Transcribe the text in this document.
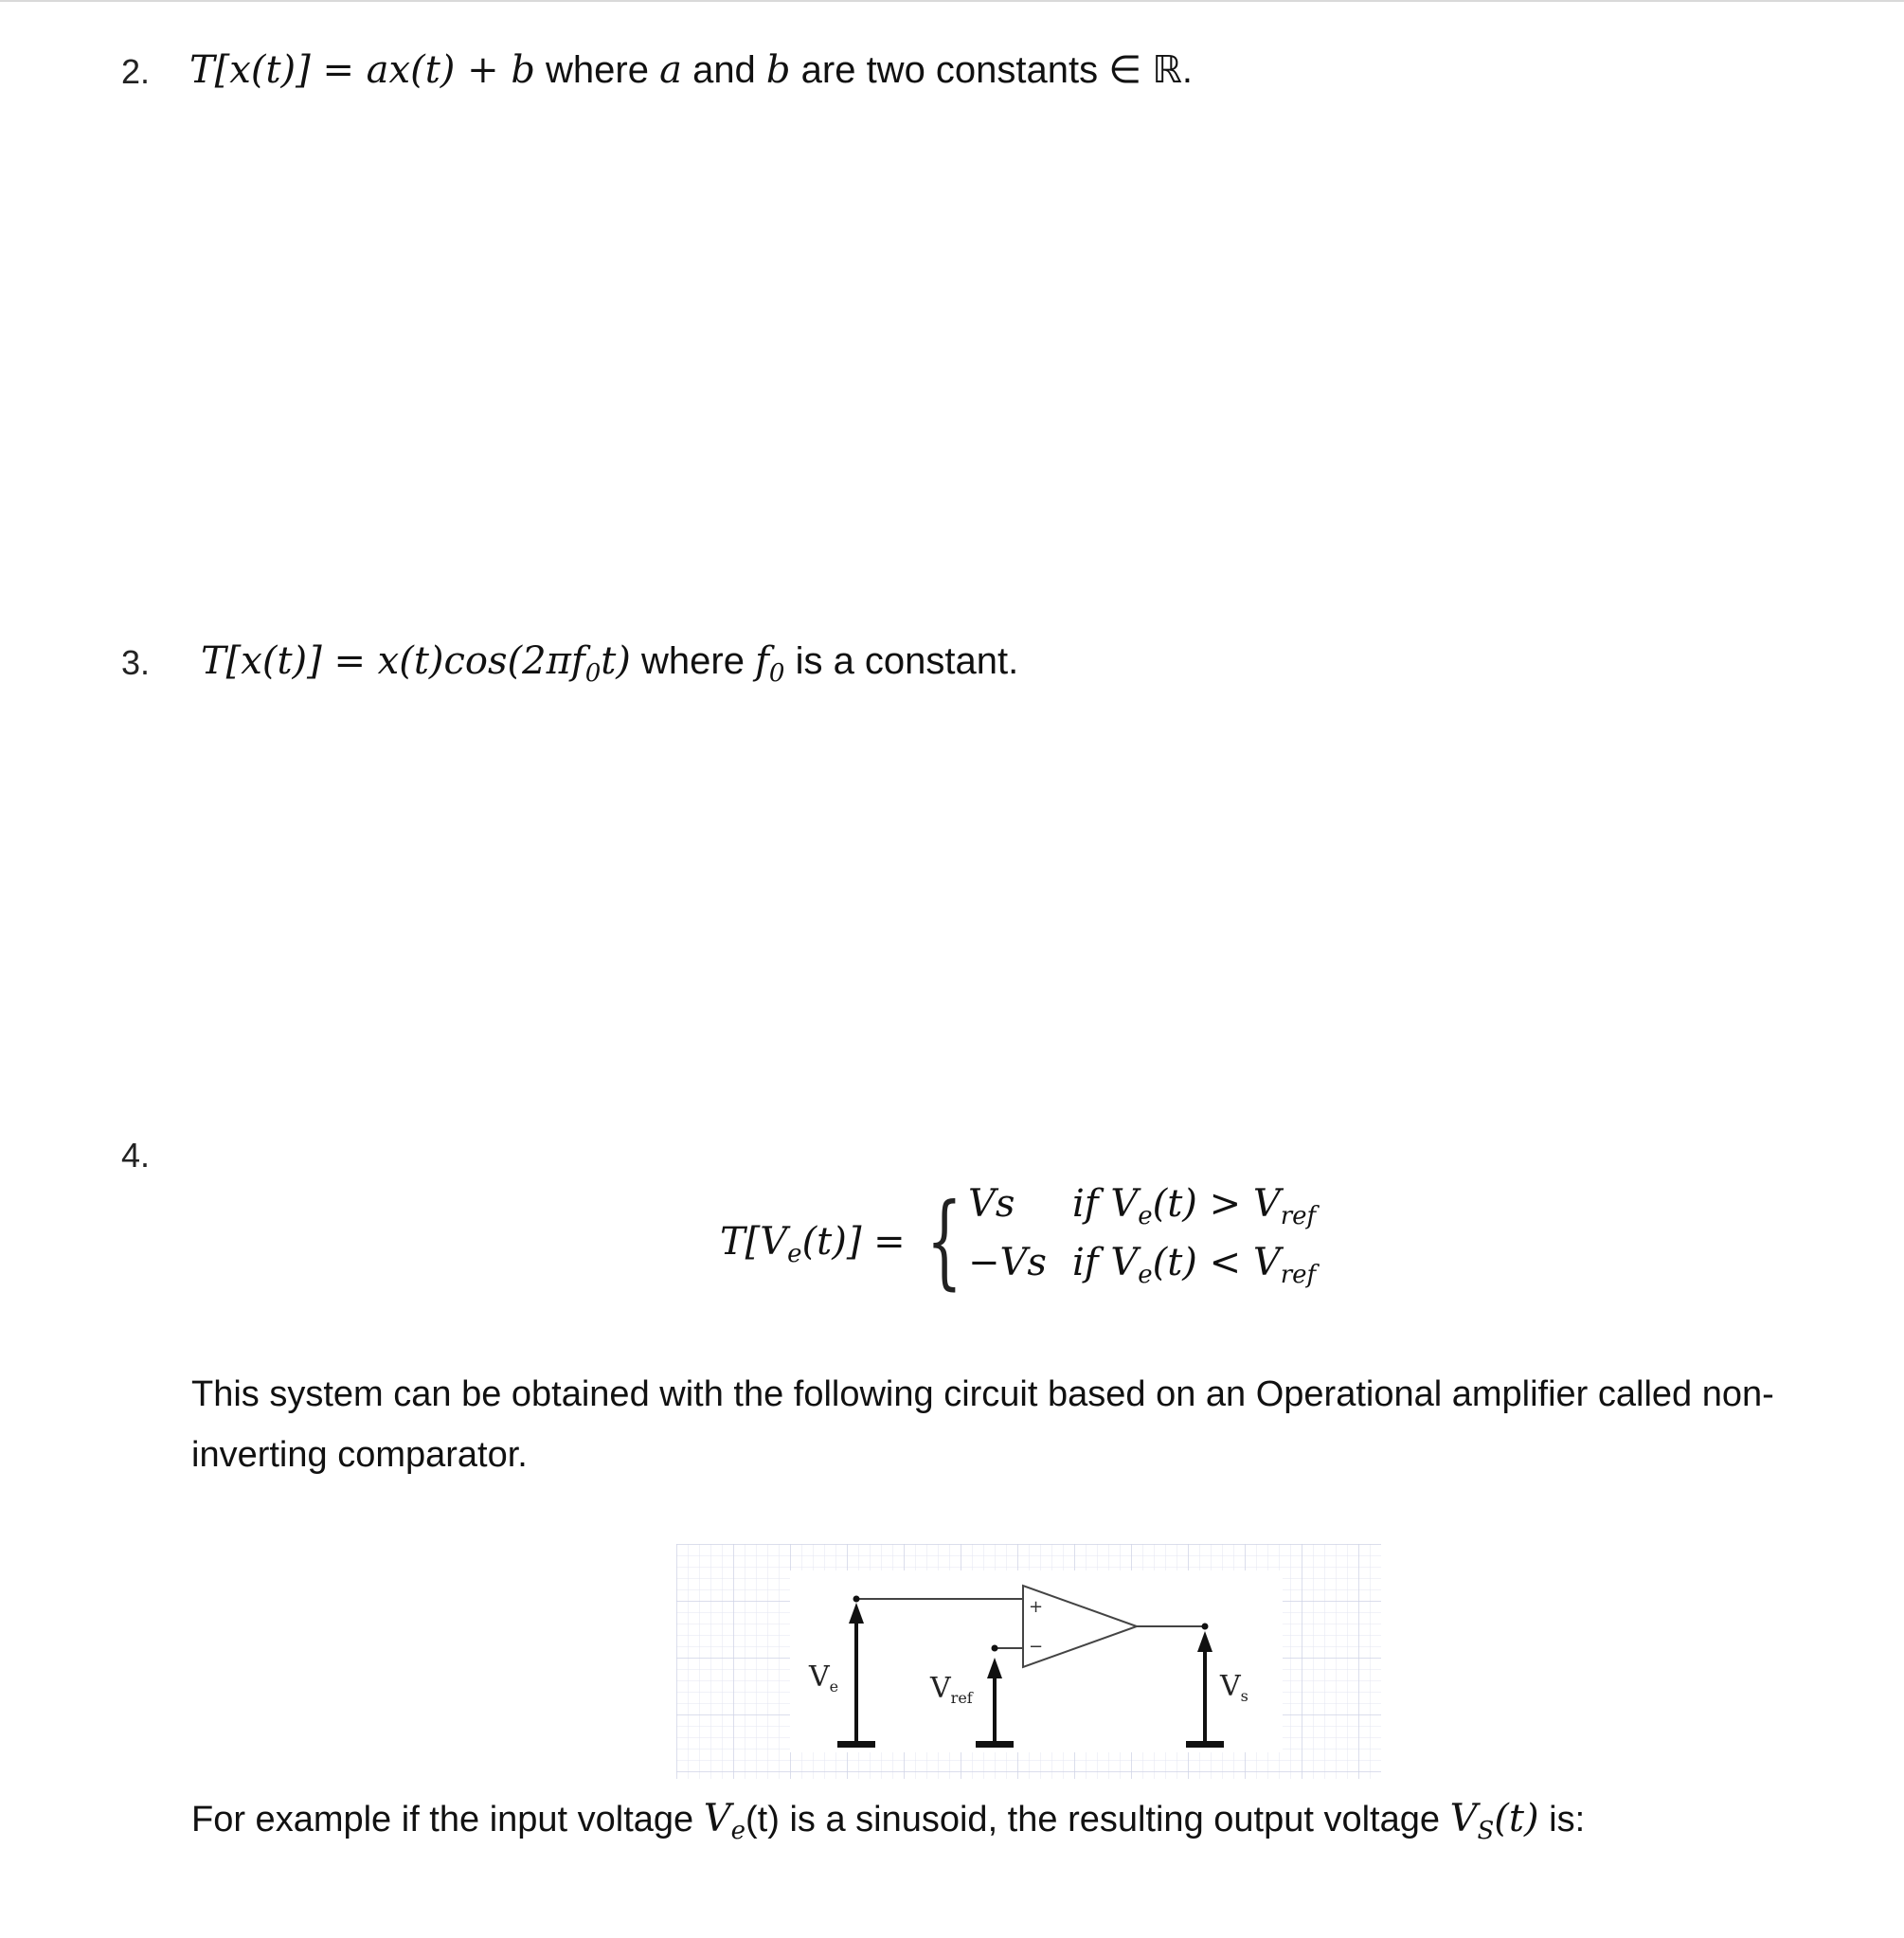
2. T[x(t)] = ax(t) + b where a and b are two constants ∈ ℝ.
3. $T[x(t)] = x(t)\cos(2\pi f_0t)$ where $f_0$ is a constant.
4.
$T[V_e(t)]$ = { Vs if $V_e(t) > V_{ref}$
−Vs if $V_e(t) < V_{ref}$
This system can be obtained with the following circuit based on an Operational amplifier called non-inverting comparator.
+
−
$V_e$	$V_{ref}$	$V_s$
For example if the input voltage $V_e(t)$ is a sinusoid, the resulting output voltage $V_S(t)$ is:
